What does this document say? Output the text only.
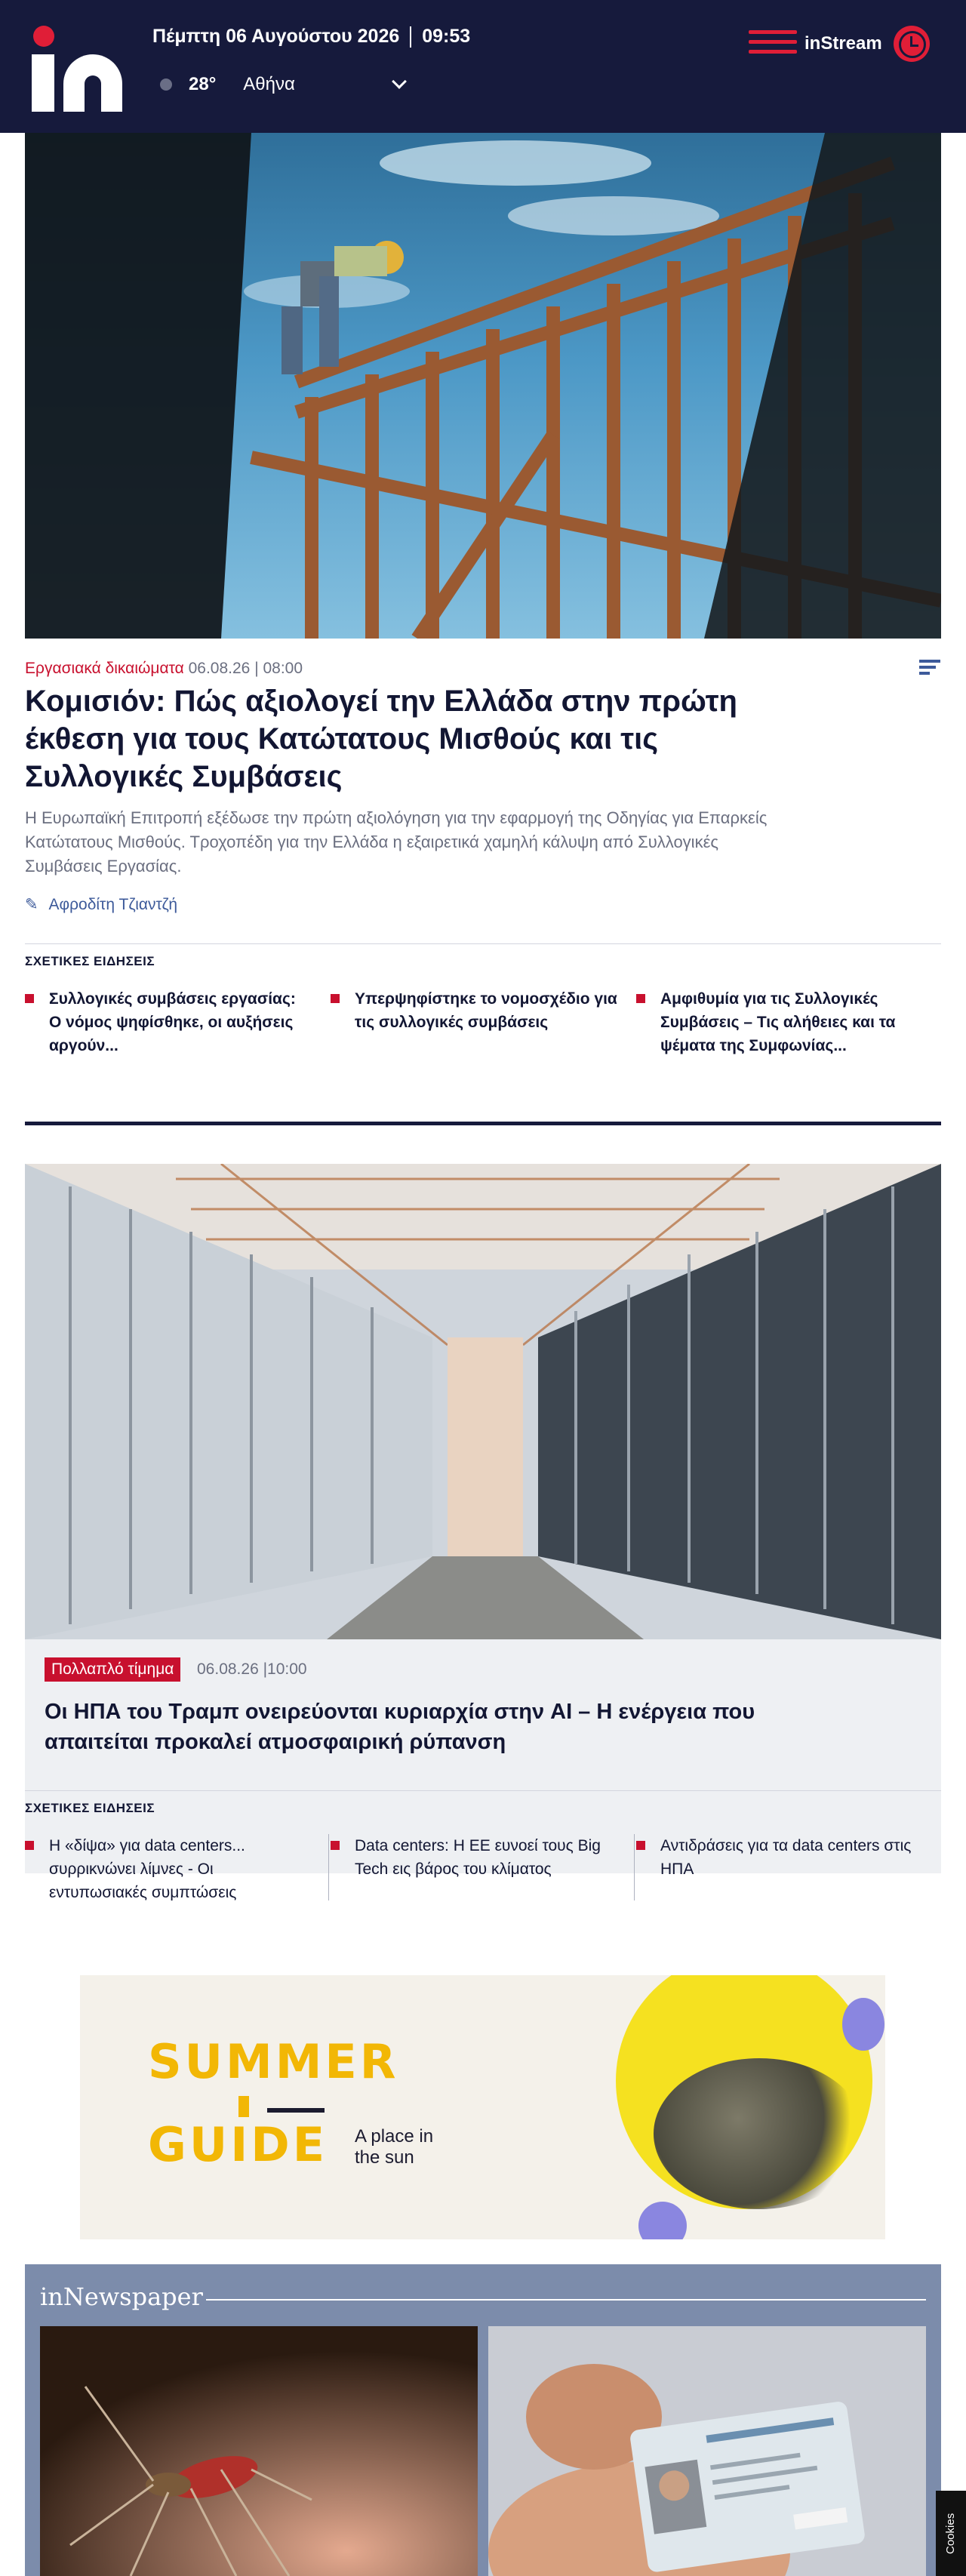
Πέμπτη 06 Αυγούστου 2026 09:53
28° Αθήνα
inStream
Εργασιακά δικαιώματα 06.08.26 | 08:00
Κομισιόν: Πώς αξιολογεί την Ελλάδα στην πρώτη έκθεση για τους Κατώτατους Μισθούς και τις Συλλογικές Συμβάσεις
Η Ευρωπαϊκή Επιτροπή εξέδωσε την πρώτη αξιολόγηση για την εφαρμογή της Οδηγίας για Επαρκείς Κατώτατους Μισθούς. Τροχοπέδη για την Ελλάδα η εξαιρετικά χαμηλή κάλυψη από Συλλογικές Συμβάσεις Εργασίας.
✎ Αφροδίτη Τζιαντζή
ΣΧΕΤΙΚΕΣ ΕΙΔΗΣΕΙΣ
Συλλογικές συμβάσεις εργασίας: Ο νόμος ψηφίσθηκε, οι αυξήσεις αργούν...
Υπερψηφίστηκε το νομοσχέδιο για τις συλλογικές συμβάσεις
Αμφιθυμία για τις Συλλογικές Συμβάσεις – Τις αλήθειες και τα ψέματα της Συμφωνίας...
Πολλαπλό τίμημα	06.08.26 |10:00
Οι ΗΠΑ του Τραμπ ονειρεύονται κυριαρχία στην AI – Η ενέργεια που απαιτείται προκαλεί ατμοσφαιρική ρύπανση
ΣΧΕΤΙΚΕΣ ΕΙΔΗΣΕΙΣ
Η «δίψα» για data centers... συρρικνώνει λίμνες - Οι εντυπωσιακές συμπτώσεις
Data centers: Η ΕΕ ευνοεί τους Big Tech εις βάρος του κλίματος
Αντιδράσεις για τα data centers στις ΗΠΑ
SUMMER
GUIDE A place in
the sun
inNewspaper
Cookies
